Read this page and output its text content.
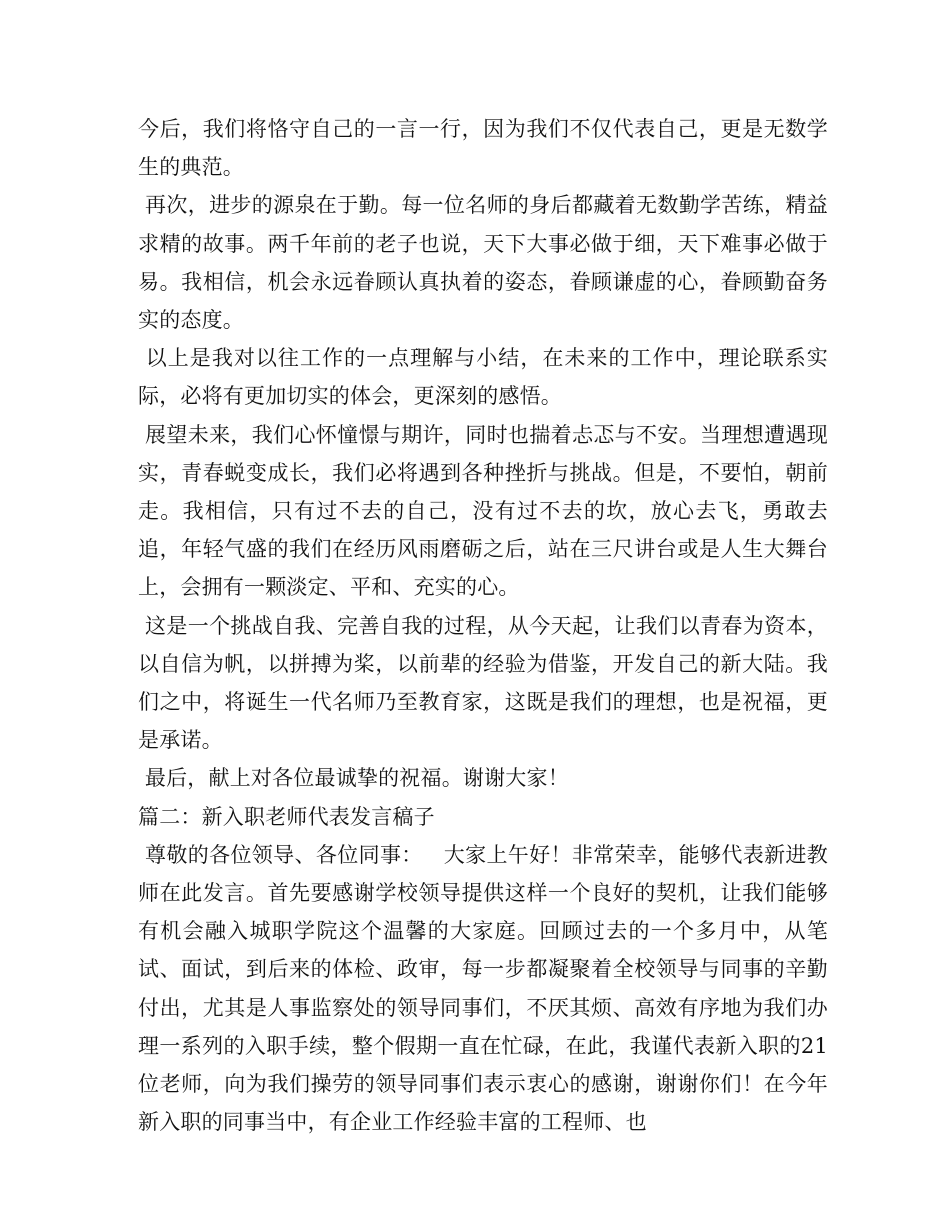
今后，我们将恪守自己的一言一行，因为我们不仅代表自己，更是无数学生的典范。

再次，进步的源泉在于勤。每一位名师的身后都藏着无数勤学苦练，精益求精的故事。两千年前的老子也说，天下大事必做于细，天下难事必做于易。我相信，机会永远眷顾认真执着的姿态，眷顾谦虚的心，眷顾勤奋务实的态度。

以上是我对以往工作的一点理解与小结，在未来的工作中，理论联系实际，必将有更加切实的体会，更深刻的感悟。

展望未来，我们心怀憧憬与期许，同时也揣着忐忑与不安。当理想遭遇现实，青春蜕变成长，我们必将遇到各种挫折与挑战。但是，不要怕，朝前走。我相信，只有过不去的自己，没有过不去的坎，放心去飞，勇敢去追，年轻气盛的我们在经历风雨磨砺之后，站在三尺讲台或是人生大舞台上，会拥有一颗淡定、平和、充实的心。

这是一个挑战自我、完善自我的过程，从今天起，让我们以青春为资本，以自信为帆，以拼搏为桨，以前辈的经验为借鉴，开发自己的新大陆。我们之中，将诞生一代名师乃至教育家，这既是我们的理想，也是祝福，更是承诺。

最后，献上对各位最诚挚的祝福。谢谢大家！

篇二：新入职老师代表发言稿子

尊敬的各位领导、各位同事：   大家上午好！非常荣幸，能够代表新进教师在此发言。首先要感谢学校领导提供这样一个良好的契机，让我们能够有机会融入城职学院这个温馨的大家庭。回顾过去的一个多月中，从笔试、面试，到后来的体检、政审，每一步都凝聚着全校领导与同事的辛勤付出，尤其是人事监察处的领导同事们，不厌其烦、高效有序地为我们办理一系列的入职手续，整个假期一直在忙碌，在此，我谨代表新入职的21位老师，向为我们操劳的领导同事们表示衷心的感谢，谢谢你们！在今年新入职的同事当中，有企业工作经验丰富的工程师、也
